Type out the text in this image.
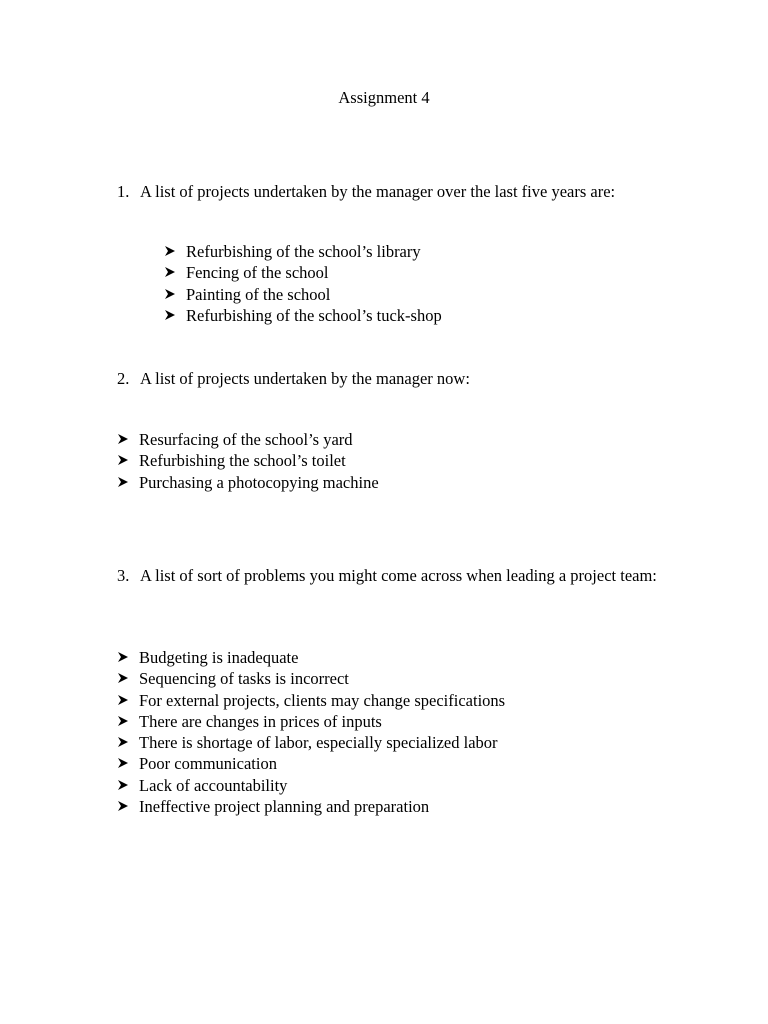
Assignment 4
1. A list of projects undertaken by the manager over the last five years are:
Refurbishing of the school’s library
Fencing of the school
Painting of the school
Refurbishing of the school’s tuck-shop
2. A list of projects undertaken by the manager now:
Resurfacing of the school’s yard
Refurbishing the school’s toilet
Purchasing a photocopying machine
3. A list of sort of problems you might come across when leading a project team:
Budgeting is inadequate
Sequencing of tasks is incorrect
For external projects, clients may change specifications
There are changes in prices of inputs
There is shortage of labor, especially specialized labor
Poor communication
Lack of accountability
Ineffective project planning and preparation
